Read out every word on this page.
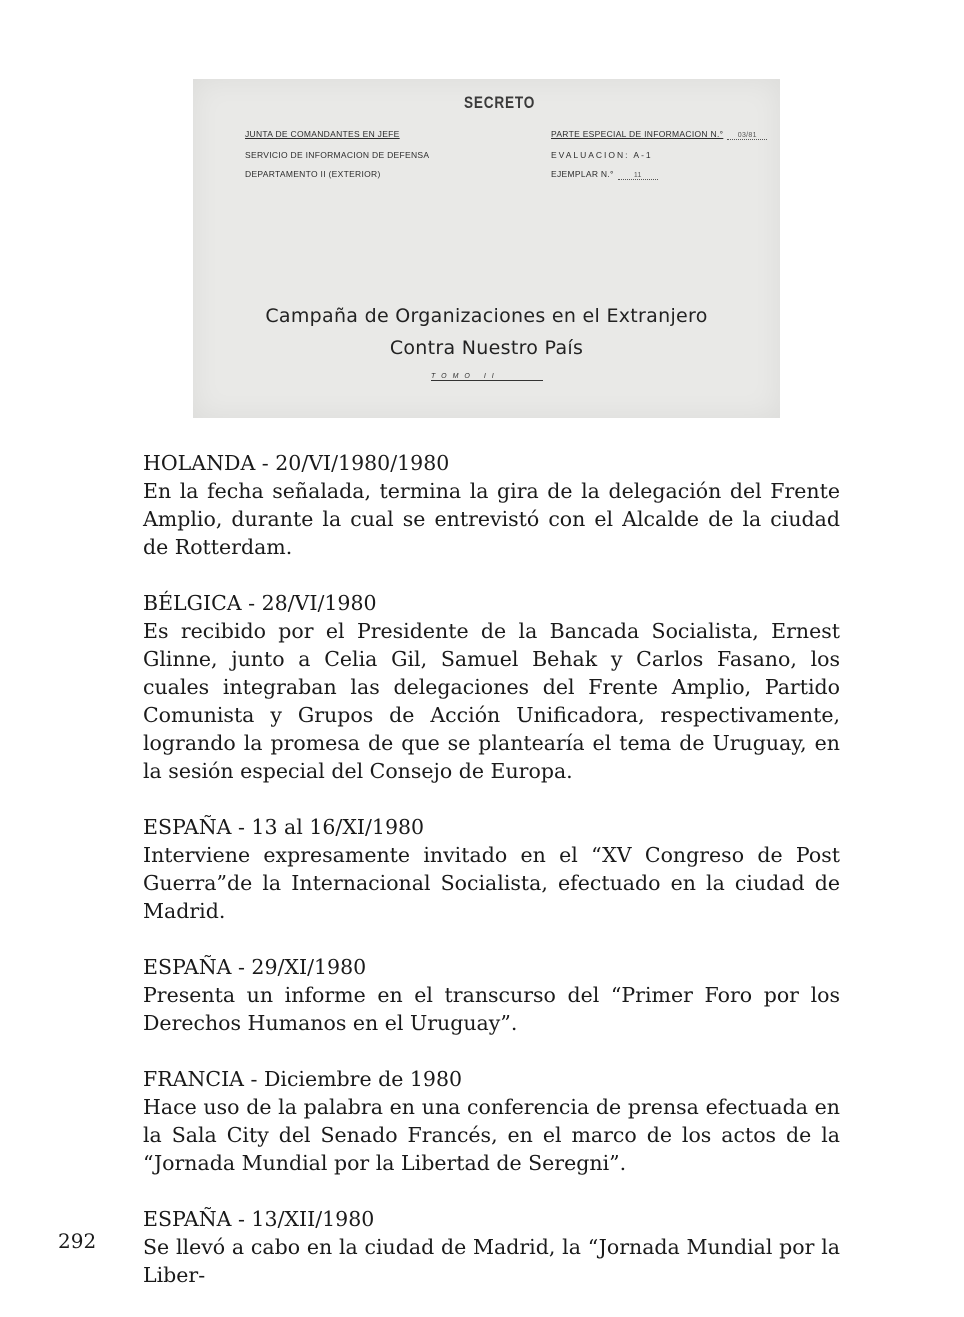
SECRETO
JUNTA DE COMANDANTES EN JEFE
SERVICIO DE INFORMACION DE DEFENSA
DEPARTAMENTO II (EXTERIOR)
PARTE ESPECIAL DE INFORMACION N.° 03/81
EVALUACION: A-1
EJEMPLAR N.°	11
Campaña de Organizaciones en el Extranjero
Contra Nuestro País
TOMO II
HOLANDA - 20/VI/1980/1980
En la fecha señalada, termina la gira de la delegación del Frente Amplio, durante la cual se entrevistó con el Alcalde de la ciudad de Rotterdam.
BÉLGICA - 28/VI/1980
Es recibido por el Presidente de la Bancada Socialista, Ernest Glinne, junto a Celia Gil, Samuel Behak y Carlos Fasano, los cuales integraban las delegaciones del Frente Amplio, Partido Comunista y Grupos de Acción Unificadora, respectivamente, logrando la promesa de que se plantearía el tema de Uruguay, en la sesión especial del Consejo de Europa.
ESPAÑA - 13 al 16/XI/1980
Interviene expresamente invitado en el “XV Congreso de Post Guerra”de la Internacional Socialista, efectuado en la ciudad de Madrid.
ESPAÑA - 29/XI/1980
Presenta un informe en el transcurso del “Primer Foro por los Derechos Humanos en el Uruguay”.
FRANCIA - Diciembre de 1980
Hace uso de la palabra en una conferencia de prensa efectuada en la Sala City del Senado Francés, en el marco de los actos de la “Jornada Mundial por la Libertad de Seregni”.
ESPAÑA - 13/XII/1980
Se llevó a cabo en la ciudad de Madrid, la “Jornada Mundial por la Liber-
292
